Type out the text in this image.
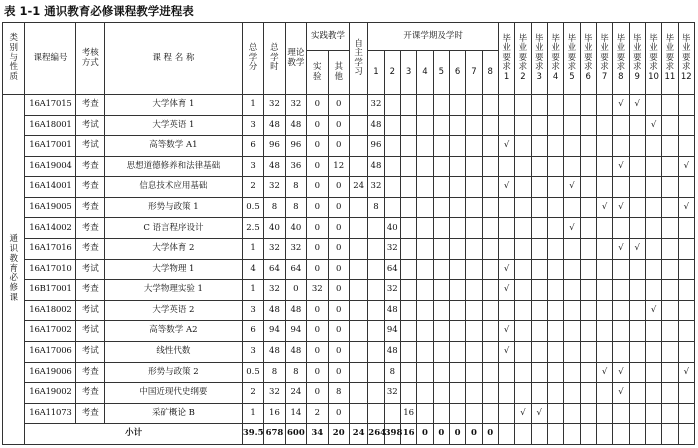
表 1-1 通识教育必修课程教学进程表
类别与性质	课程编号	考核方式	课 程 名 称	总学分	总学时	理论教学	实践教学		自主学习	开课学期及学时								毕业要求1	毕业要求2	毕业要求3	毕业要求4	毕业要求5	毕业要求6	毕业要求7	毕业要求8	毕业要求9	毕业要求10	毕业要求11	毕业要求12
							实验	其他		1	2	3	4	5	6	7	8												
通识教育必修课	16A17015	考查	大学体育 1	1	32	32	0	0		32															√	√			
	16A18001	考试	大学英语 1	3	48	48	0	0		48																	√		
	16A17001	考试	高等数学 A1	6	96	96	0	0		96								√											
	16A19004	考查	思想道德修养和法律基础	3	48	36	0	12		48															√				√
	16A14001	考查	信息技术应用基础	2	32	8	0	0	24	32								√				√							
	16A19005	考查	形势与政策 1	0.5	8	8	0	0		8														√	√				√
	16A14002	考查	C 语言程序设计	2.5	40	40	0	0			40											√							
	16A17016	考查	大学体育 2	1	32	32	0	0			32														√	√			
	16A17010	考试	大学物理 1	4	64	64	0	0			64							√											
	16B17001	考查	大学物理实验 1	1	32	0	32	0			32							√											
	16A18002	考试	大学英语 2	3	48	48	0	0			48																√		
	16A17002	考试	高等数学 A2	6	94	94	0	0			94							√											
	16A17006	考试	线性代数	3	48	48	0	0			48							√											
	16A19006	考查	形势与政策 2	0.5	8	8	0	0			8													√	√				√
	16A19002	考查	中国近现代史纲要	2	32	24	0	8			32														√				
	16A11073	考查	采矿概论 B	1	16	14	2	0				16							√	√									
	小计			39.5	678	600	34	20	24	264	398	16	0	0	0	0	0												
